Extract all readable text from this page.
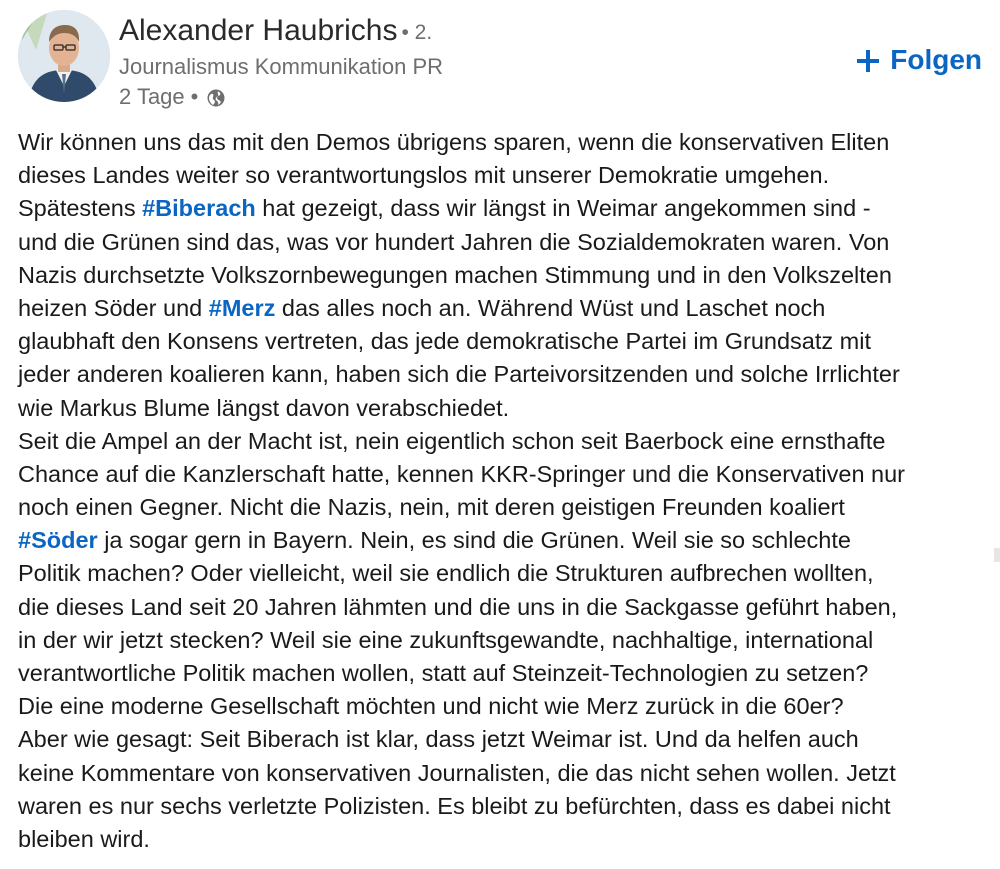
Alexander Haubrichs • 2.
Journalismus Kommunikation PR
2 Tage •
Folgen
Wir können uns das mit den Demos übrigens sparen, wenn die konservativen Eliten
dieses Landes weiter so verantwortungslos mit unserer Demokratie umgehen.
Spätestens #Biberach hat gezeigt, dass wir längst in Weimar angekommen sind -
und die Grünen sind das, was vor hundert Jahren die Sozialdemokraten waren. Von
Nazis durchsetzte Volkszornbewegungen machen Stimmung und in den Volkszelten
heizen Söder und #Merz das alles noch an. Während Wüst und Laschet noch
glaubhaft den Konsens vertreten, das jede demokratische Partei im Grundsatz mit
jeder anderen koalieren kann, haben sich die Parteivorsitzenden und solche Irrlichter
wie Markus Blume längst davon verabschiedet.
Seit die Ampel an der Macht ist, nein eigentlich schon seit Baerbock eine ernsthafte
Chance auf die Kanzlerschaft hatte, kennen KKR-Springer und die Konservativen nur
noch einen Gegner. Nicht die Nazis, nein, mit deren geistigen Freunden koaliert
#Söder ja sogar gern in Bayern. Nein, es sind die Grünen. Weil sie so schlechte
Politik machen? Oder vielleicht, weil sie endlich die Strukturen aufbrechen wollten,
die dieses Land seit 20 Jahren lähmten und die uns in die Sackgasse geführt haben,
in der wir jetzt stecken? Weil sie eine zukunftsgewandte, nachhaltige, international
verantwortliche Politik machen wollen, statt auf Steinzeit-Technologien zu setzen?
Die eine moderne Gesellschaft möchten und nicht wie Merz zurück in die 60er?
Aber wie gesagt: Seit Biberach ist klar, dass jetzt Weimar ist. Und da helfen auch
keine Kommentare von konservativen Journalisten, die das nicht sehen wollen. Jetzt
waren es nur sechs verletzte Polizisten. Es bleibt zu befürchten, dass es dabei nicht
bleiben wird.
